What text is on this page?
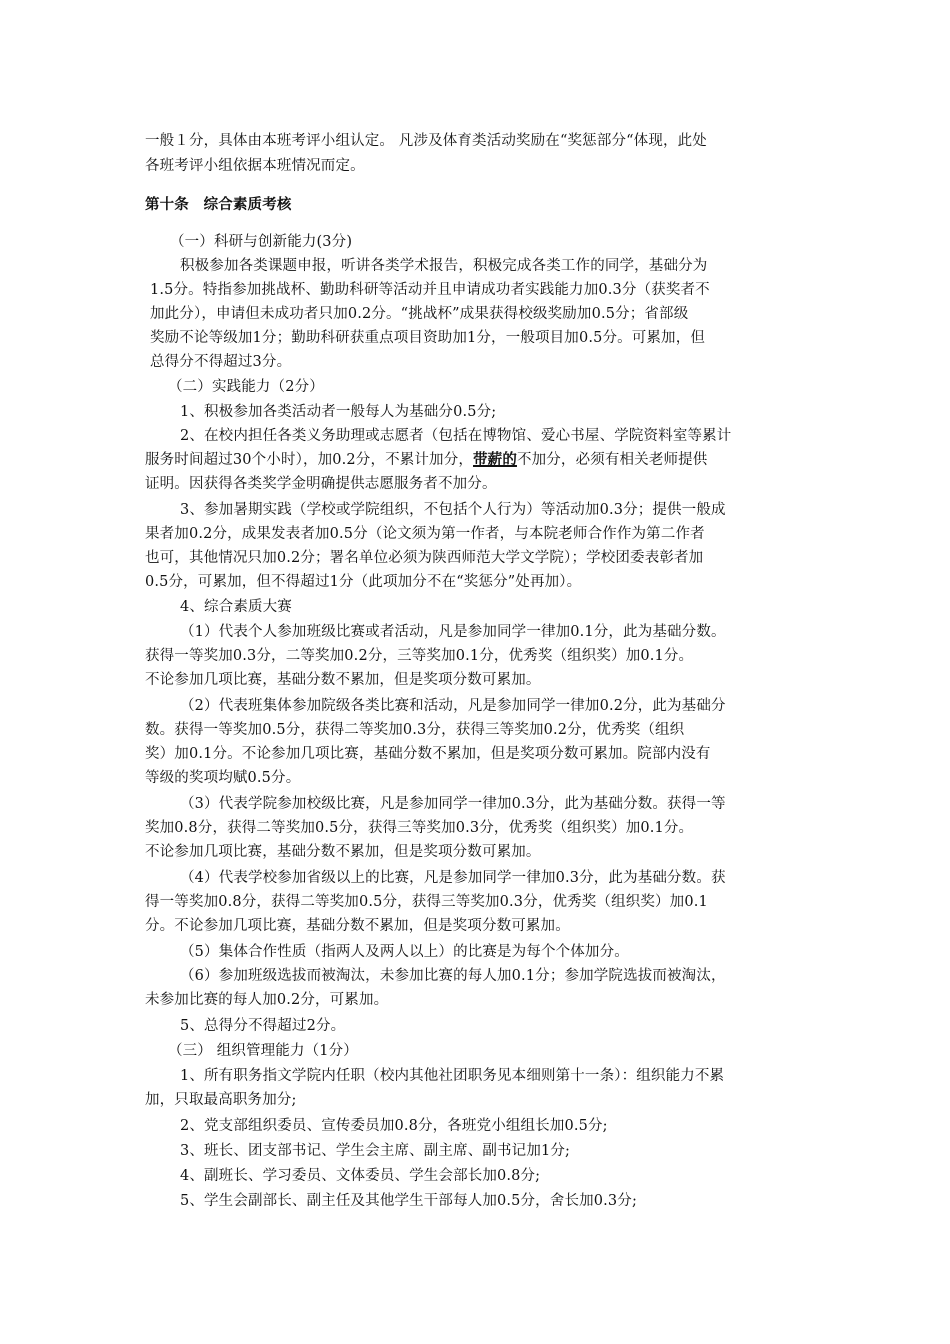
一般１分，具体由本班考评小组认定。 凡涉及体育类活动奖励在“奖惩部分“体现，此处
各班考评小组依据本班情况而定。
第十条　综合素质考核
（一）科研与创新能力(3分)
积极参加各类课题申报，听讲各类学术报告，积极完成各类工作的同学，基础分为
1.5分。特指参加挑战杯、勤助科研等活动并且申请成功者实践能力加0.3分（获奖者不
加此分），申请但未成功者只加0.2分。“挑战杯”成果获得校级奖励加0.5分；省部级
奖励不论等级加1分；勤助科研获重点项目资助加1分，一般项目加0.5分。可累加，但
总得分不得超过3分。
（二）实践能力（2分）
1、积极参加各类活动者一般每人为基础分0.5分;
2、在校内担任各类义务助理或志愿者（包括在博物馆、爱心书屋、学院资料室等累计
服务时间超过30个小时），加0.2分，不累计加分，带薪的不加分，必须有相关老师提供
证明。因获得各类奖学金明确提供志愿服务者不加分。
3、参加暑期实践（学校或学院组织，不包括个人行为）等活动加0.3分；提供一般成
果者加0.2分，成果发表者加0.5分（论文须为第一作者，与本院老师合作作为第二作者
也可，其他情况只加0.2分；署名单位必须为陕西师范大学文学院）；学校团委表彰者加
0.5分，可累加，但不得超过1分（此项加分不在“奖惩分”处再加）。
4、综合素质大赛
（1）代表个人参加班级比赛或者活动，凡是参加同学一律加0.1分，此为基础分数。
获得一等奖加0.3分，二等奖加0.2分，三等奖加0.1分，优秀奖（组织奖）加0.1分。
不论参加几项比赛，基础分数不累加，但是奖项分数可累加。
（2）代表班集体参加院级各类比赛和活动，凡是参加同学一律加0.2分，此为基础分
数。获得一等奖加0.5分，获得二等奖加0.3分，获得三等奖加0.2分，优秀奖（组织
奖）加0.1分。不论参加几项比赛，基础分数不累加，但是奖项分数可累加。院部内没有
等级的奖项均赋0.5分。
（3）代表学院参加校级比赛，凡是参加同学一律加0.3分，此为基础分数。获得一等
奖加0.8分，获得二等奖加0.5分，获得三等奖加0.3分，优秀奖（组织奖）加0.1分。
不论参加几项比赛，基础分数不累加，但是奖项分数可累加。
（4）代表学校参加省级以上的比赛，凡是参加同学一律加0.3分，此为基础分数。获
得一等奖加0.8分，获得二等奖加0.5分，获得三等奖加0.3分，优秀奖（组织奖）加0.1
分。不论参加几项比赛，基础分数不累加，但是奖项分数可累加。
（5）集体合作性质（指两人及两人以上）的比赛是为每个个体加分。
（6）参加班级选拔而被淘汰，未参加比赛的每人加0.1分；参加学院选拔而被淘汰，
未参加比赛的每人加0.2分，可累加。
5、总得分不得超过2分。
（三） 组织管理能力（1分）
1、所有职务指文学院内任职（校内其他社团职务见本细则第十一条）：组织能力不累
加，只取最高职务加分;
2、党支部组织委员、宣传委员加0.8分，各班党小组组长加0.5分;
3、班长、团支部书记、学生会主席、副主席、副书记加1分;
4、副班长、学习委员、文体委员、学生会部长加0.8分;
5、学生会副部长、副主任及其他学生干部每人加0.5分，舍长加0.3分;
